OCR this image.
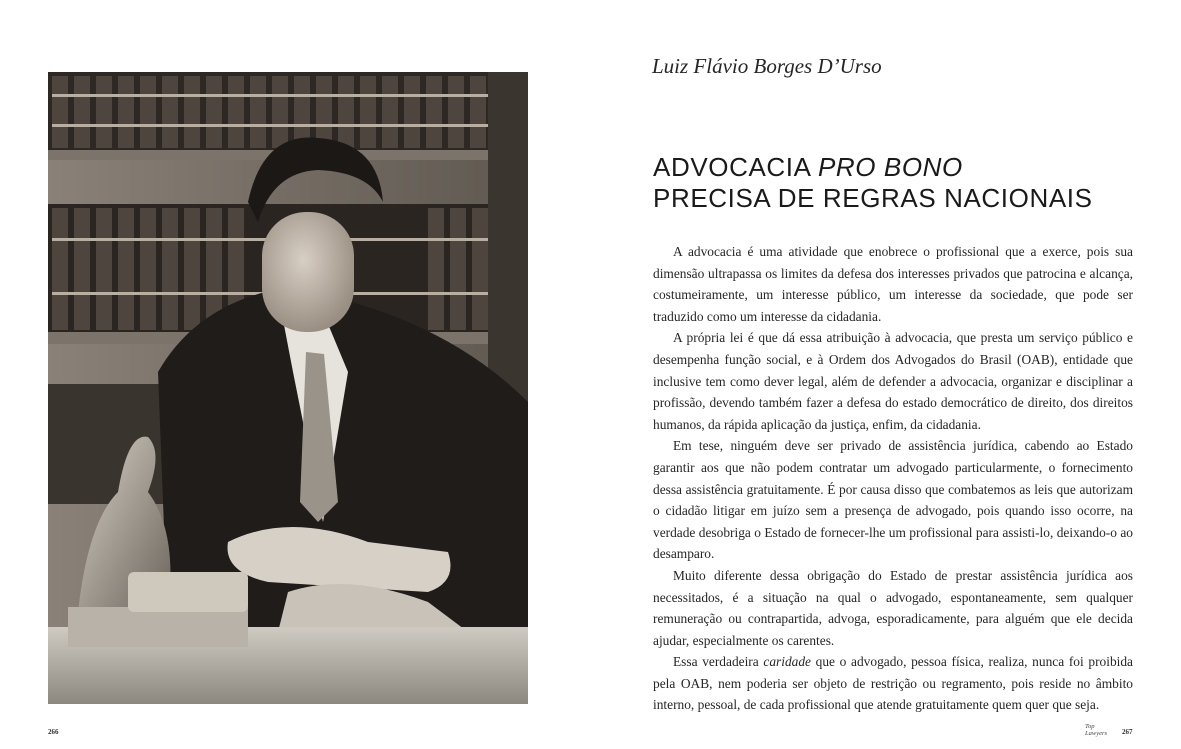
266
Luiz Flávio Borges D’Urso
ADVOCACIA PRO BONO
PRECISA DE REGRAS NACIONAIS

A advocacia é uma atividade que enobrece o profissional que a exerce, pois sua dimensão ultrapassa os limites da defesa dos interesses privados que patrocina e alcança, costumeiramente, um interesse público, um interesse da sociedade, que pode ser traduzido como um interesse da cidadania.

A própria lei é que dá essa atribuição à advocacia, que presta um serviço público e desempenha função social, e à Ordem dos Advogados do Brasil (OAB), entidade que inclusive tem como dever legal, além de defender a advocacia, organizar e disciplinar a profissão, devendo também fazer a defesa do estado democrático de direito, dos direitos humanos, da rápida aplicação da justiça, enfim, da cidadania.

Em tese, ninguém deve ser privado de assistência jurídica, cabendo ao Estado garantir aos que não podem contratar um advogado particularmente, o fornecimento dessa assistência gratuitamente. É por causa disso que combatemos as leis que autorizam o cidadão litigar em juízo sem a presença de advogado, pois quando isso ocorre, na verdade desobriga o Estado de fornecer-lhe um profissional para assisti-lo, deixando-o ao desamparo.

Muito diferente dessa obrigação do Estado de prestar assistência jurídica aos necessitados, é a situação na qual o advogado, espontaneamente, sem qualquer remuneração ou contrapartida, advoga, esporadicamente, para alguém que ele decida ajudar, especialmente os carentes.

Essa verdadeira caridade que o advogado, pessoa física, realiza, nunca foi proibida pela OAB, nem poderia ser objeto de restrição ou regramento, pois reside no âmbito interno, pessoal, de cada profissional que atende gratuitamente quem quer que seja.

Top
Lawyers	267
